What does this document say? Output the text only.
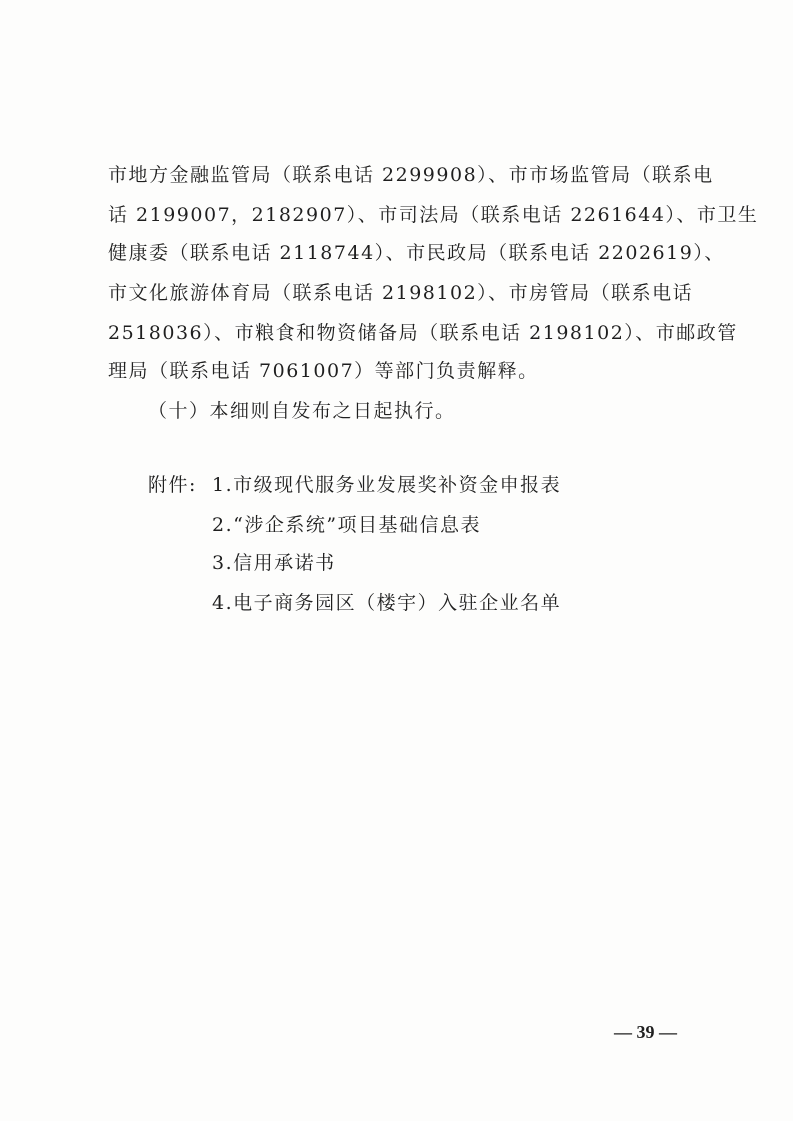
市地方金融监管局（联系电话 2299908）、市市场监管局（联系电
话 2199007，2182907）、市司法局（联系电话 2261644）、市卫生
健康委（联系电话 2118744）、市民政局（联系电话 2202619）、
市文化旅游体育局（联系电话 2198102）、市房管局（联系电话
2518036）、市粮食和物资储备局（联系电话 2198102）、市邮政管
理局（联系电话 7061007）等部门负责解释。
（十）本细则自发布之日起执行。
附件: 1.市级现代服务业发展奖补资金申报表
2.“涉企系统”项目基础信息表
3.信用承诺书
4.电子商务园区（楼宇）入驻企业名单
— 39 —
